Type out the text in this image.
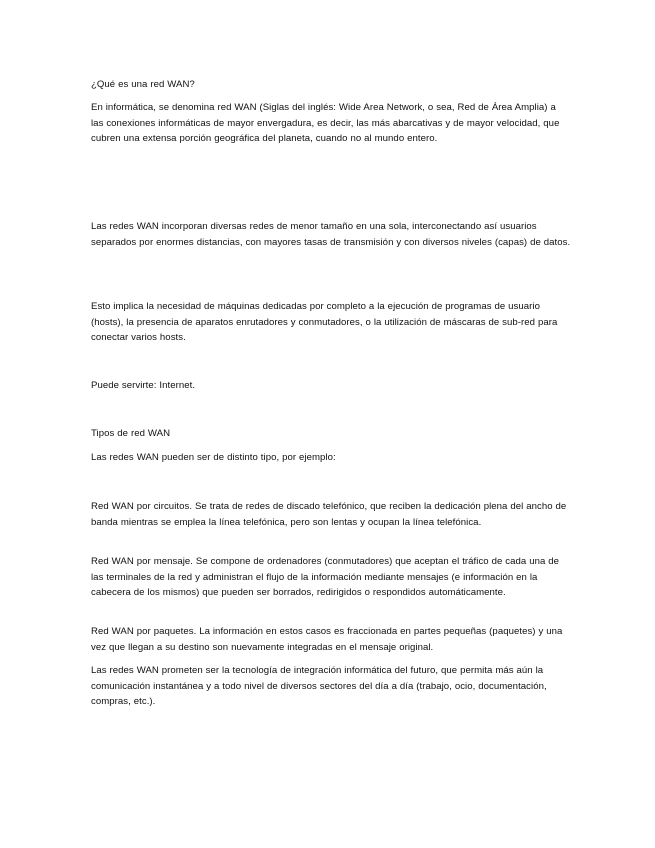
¿Qué es una red WAN?

En informática, se denomina red WAN (Siglas del inglés: Wide Area Network, o sea, Red de Área Amplia) a las conexiones informáticas de mayor envergadura, es decir, las más abarcativas y de mayor velocidad, que cubren una extensa porción geográfica del planeta, cuando no al mundo entero.

Las redes WAN incorporan diversas redes de menor tamaño en una sola, interconectando así usuarios separados por enormes distancias, con mayores tasas de transmisión y con diversos niveles (capas) de datos.

Esto implica la necesidad de máquinas dedicadas por completo a la ejecución de programas de usuario (hosts), la presencia de aparatos enrutadores y conmutadores, o la utilización de máscaras de sub-red para conectar varios hosts.

Puede servirte: Internet.

Tipos de red WAN

Las redes WAN pueden ser de distinto tipo, por ejemplo:

Red WAN por circuitos. Se trata de redes de discado telefónico, que reciben la dedicación plena del ancho de banda mientras se emplea la línea telefónica, pero son lentas y ocupan la línea telefónica.

Red WAN por mensaje. Se compone de ordenadores (conmutadores) que aceptan el tráfico de cada una de las terminales de la red y administran el flujo de la información mediante mensajes (e información en la cabecera de los mismos) que pueden ser borrados, redirigidos o respondidos automáticamente.

Red WAN por paquetes. La información en estos casos es fraccionada en partes pequeñas (paquetes) y una vez que llegan a su destino son nuevamente integradas en el mensaje original.

Las redes WAN prometen ser la tecnología de integración informática del futuro, que permita más aún la comunicación instantánea y a todo nivel de diversos sectores del día a día (trabajo, ocio, documentación, compras, etc.).
